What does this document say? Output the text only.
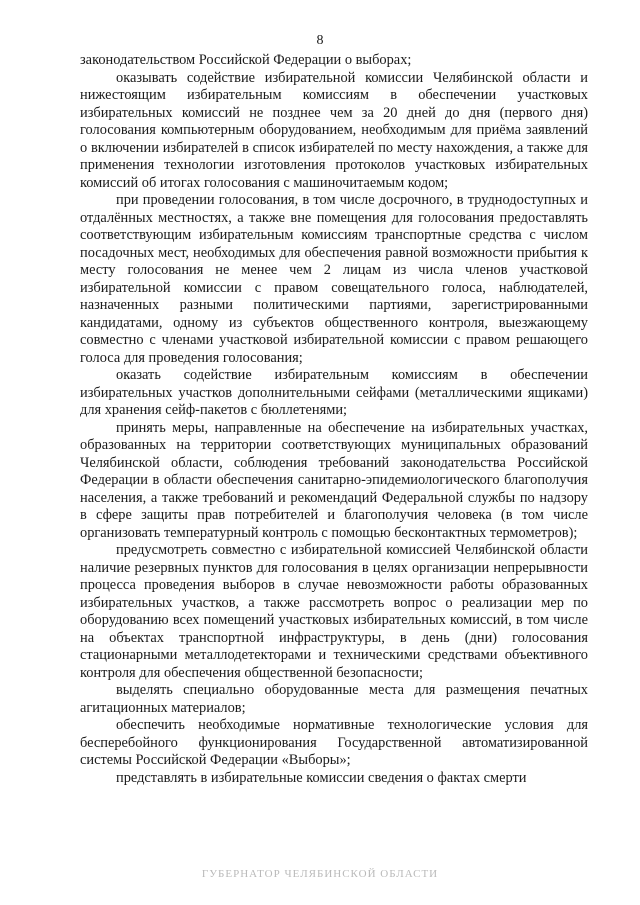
8

законодательством Российской Федерации о выборах;

оказывать содействие избирательной комиссии Челябинской области и нижестоящим избирательным комиссиям в обеспечении участковых избирательных комиссий не позднее чем за 20 дней до дня (первого дня) голосования компьютерным оборудованием, необходимым для приёма заявлений о включении избирателей в список избирателей по месту нахождения, а также для применения технологии изготовления протоколов участковых избирательных комиссий об итогах голосования с машиночитаемым кодом;

при проведении голосования, в том числе досрочного, в труднодоступных и отдалённых местностях, а также вне помещения для голосования предоставлять соответствующим избирательным комиссиям транспортные средства с числом посадочных мест, необходимых для обеспечения равной возможности прибытия к месту голосования не менее чем 2 лицам из числа членов участковой избирательной комиссии с правом совещательного голоса, наблюдателей, назначенных разными политическими партиями, зарегистрированными кандидатами, одному из субъектов общественного контроля, выезжающему совместно с членами участковой избирательной комиссии с правом решающего голоса для проведения голосования;

оказать содействие избирательным комиссиям в обеспечении избирательных участков дополнительными сейфами (металлическими ящиками) для хранения сейф-пакетов с бюллетенями;

принять меры, направленные на обеспечение на избирательных участках, образованных на территории соответствующих муниципальных образований Челябинской области, соблюдения требований законодательства Российской Федерации в области обеспечения санитарно-эпидемиологического благополучия населения, а также требований и рекомендаций Федеральной службы по надзору в сфере защиты прав потребителей и благополучия человека (в том числе организовать температурный контроль с помощью бесконтактных термометров);

предусмотреть совместно с избирательной комиссией Челябинской области наличие резервных пунктов для голосования в целях организации непрерывности процесса проведения выборов в случае невозможности работы образованных избирательных участков, а также рассмотреть вопрос о реализации мер по оборудованию всех помещений участковых избирательных комиссий, в том числе на объектах транспортной инфраструктуры, в день (дни) голосования стационарными металлодетекторами и техническими средствами объективного контроля для обеспечения общественной безопасности;

выделять специально оборудованные места для размещения печатных агитационных материалов;

обеспечить необходимые нормативные технологические условия для бесперебойного функционирования Государственной автоматизированной системы Российской Федерации «Выборы»;

представлять в избирательные комиссии сведения о фактах смерти

ГУБЕРНАТОР ЧЕЛЯБИНСКОЙ ОБЛАСТИ
